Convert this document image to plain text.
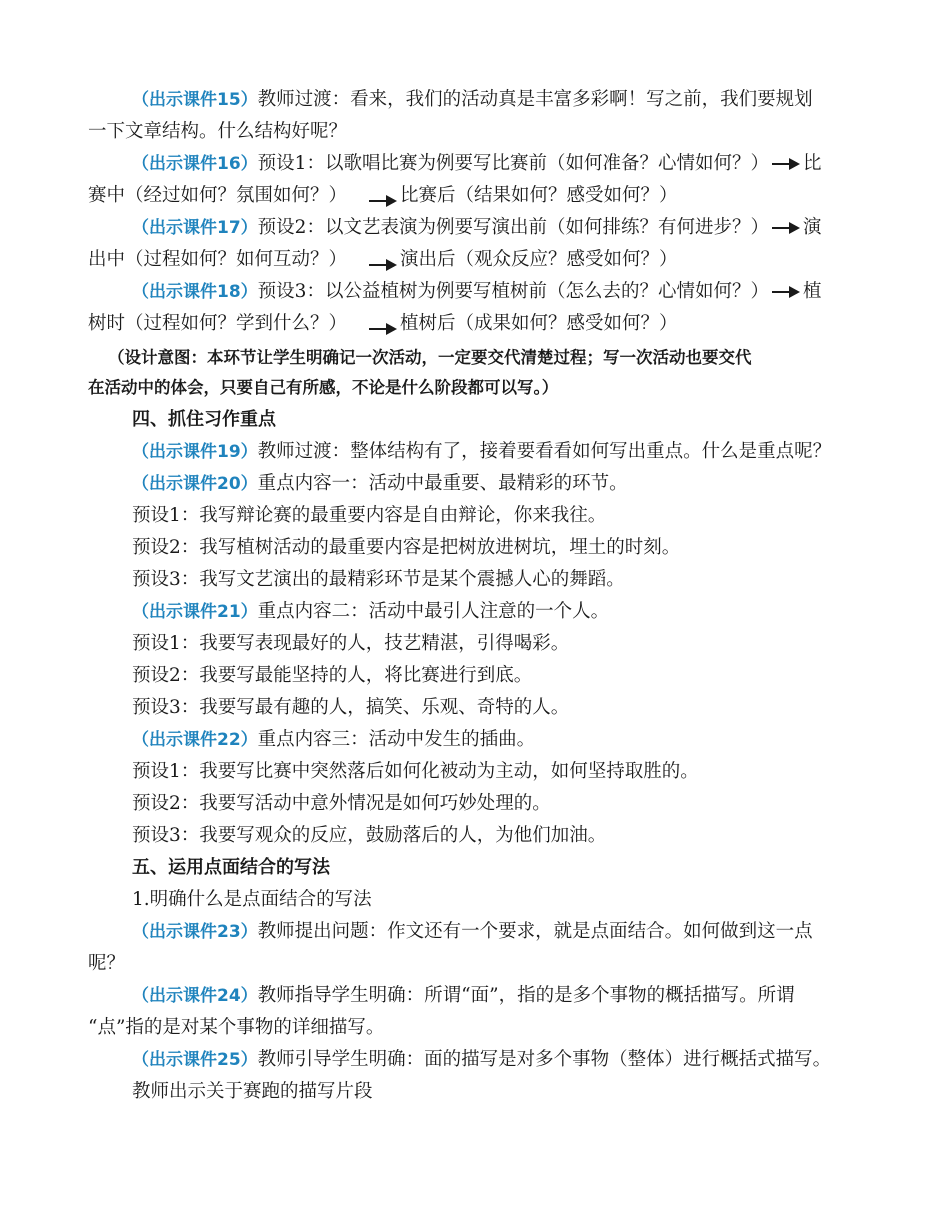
（出示课件15）教师过渡：看来，我们的活动真是丰富多彩啊！写之前，我们要规划
一下文章结构。什么结构好呢？
（出示课件16）预设1：以歌唱比赛为例要写比赛前（如何准备？心情如何？） 比
赛中（经过如何？氛围如何？）	比赛后（结果如何？感受如何？）
（出示课件17）预设2：以文艺表演为例要写演出前（如何排练？有何进步？） 演
出中（过程如何？如何互动？）	演出后（观众反应？感受如何？）
（出示课件18）预设3：以公益植树为例要写植树前（怎么去的？心情如何？） 植
树时（过程如何？学到什么？）	植树后（成果如何？感受如何？）
（设计意图：本环节让学生明确记一次活动，一定要交代清楚过程；写一次活动也要交代
在活动中的体会，只要自己有所感，不论是什么阶段都可以写。）
四、抓住习作重点
（出示课件19）教师过渡：整体结构有了，接着要看看如何写出重点。什么是重点呢？
（出示课件20）重点内容一：活动中最重要、最精彩的环节。
预设1：我写辩论赛的最重要内容是自由辩论，你来我往。
预设2：我写植树活动的最重要内容是把树放进树坑，埋土的时刻。
预设3：我写文艺演出的最精彩环节是某个震撼人心的舞蹈。
（出示课件21）重点内容二：活动中最引人注意的一个人。
预设1：我要写表现最好的人，技艺精湛，引得喝彩。
预设2：我要写最能坚持的人，将比赛进行到底。
预设3：我要写最有趣的人，搞笑、乐观、奇特的人。
（出示课件22）重点内容三：活动中发生的插曲。
预设1：我要写比赛中突然落后如何化被动为主动，如何坚持取胜的。
预设2：我要写活动中意外情况是如何巧妙处理的。
预设3：我要写观众的反应，鼓励落后的人，为他们加油。
五、运用点面结合的写法
1.明确什么是点面结合的写法
（出示课件23）教师提出问题：作文还有一个要求，就是点面结合。如何做到这一点
呢？
（出示课件24）教师指导学生明确：所谓“面”，指的是多个事物的概括描写。所谓
“点”指的是对某个事物的详细描写。
（出示课件25）教师引导学生明确：面的描写是对多个事物（整体）进行概括式描写。
教师出示关于赛跑的描写片段
